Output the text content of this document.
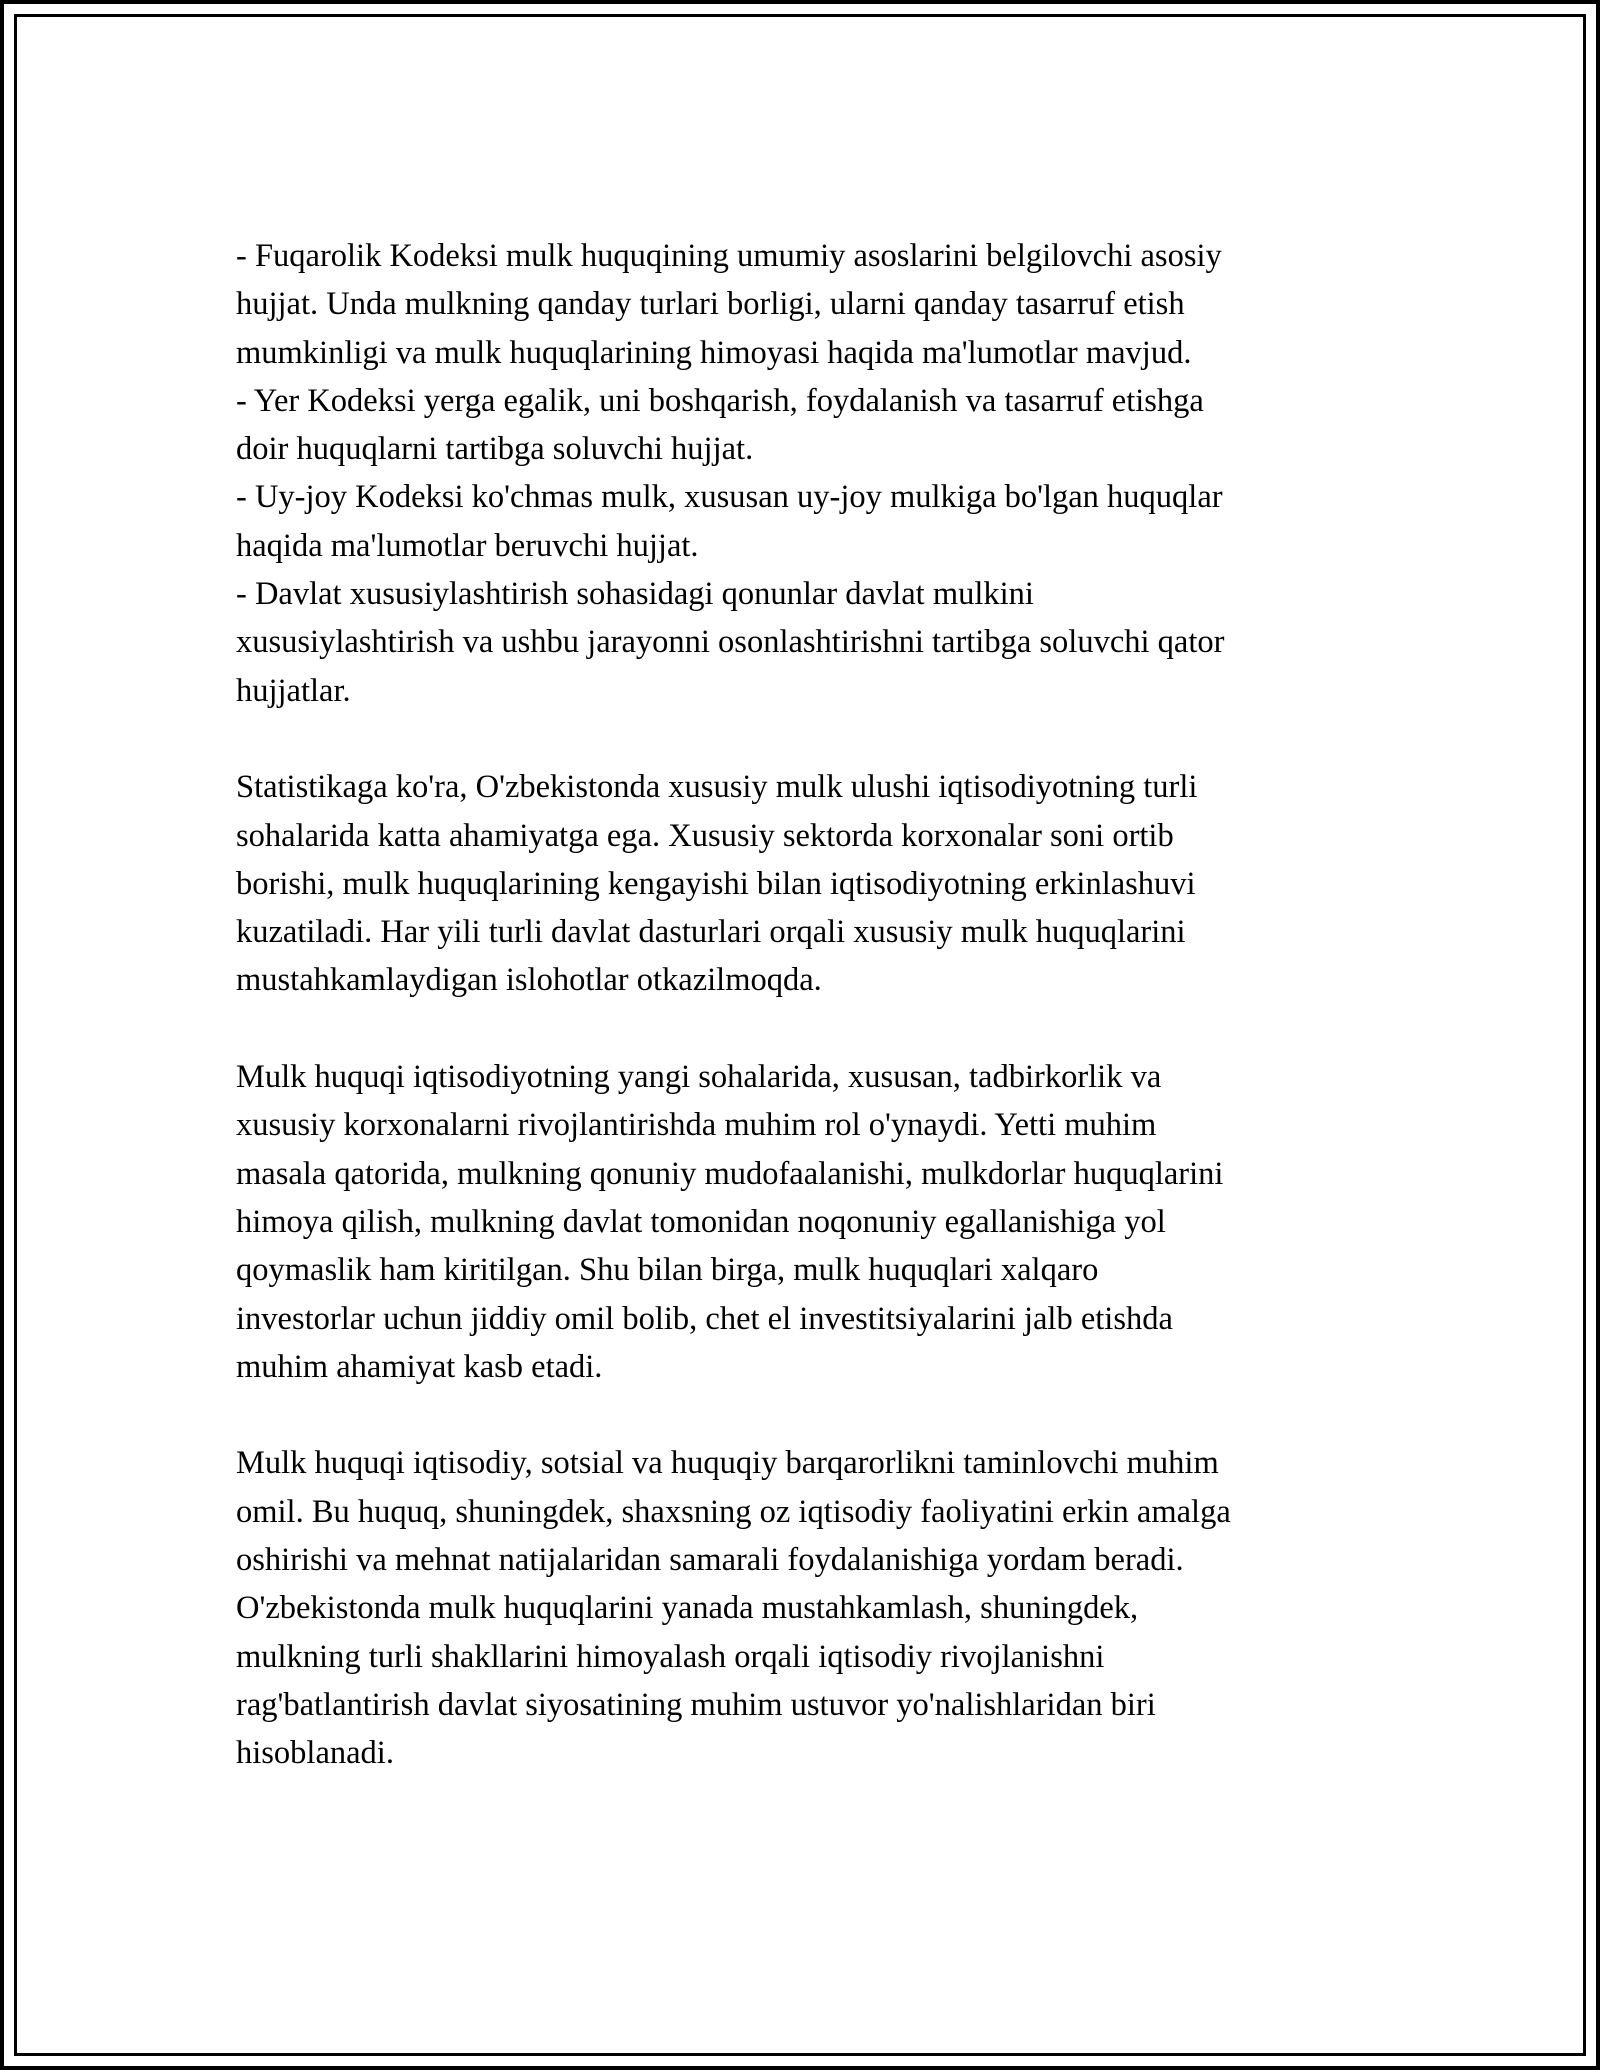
- Fuqarolik Kodeksi mulk huquqining umumiy asoslarini belgilovchi asosiy

hujjat. Unda mulkning qanday turlari borligi, ularni qanday tasarruf etish

mumkinligi va mulk huquqlarining himoyasi haqida ma'lumotlar mavjud.

- Yer Kodeksi yerga egalik, uni boshqarish, foydalanish va tasarruf etishga

doir huquqlarni tartibga soluvchi hujjat.

- Uy-joy Kodeksi ko'chmas mulk, xususan uy-joy mulkiga bo'lgan huquqlar

haqida ma'lumotlar beruvchi hujjat.

- Davlat xususiylashtirish sohasidagi qonunlar davlat mulkini

xususiylashtirish va ushbu jarayonni osonlashtirishni tartibga soluvchi qator

hujjatlar.

Statistikaga ko'ra, O'zbekistonda xususiy mulk ulushi iqtisodiyotning turli

sohalarida katta ahamiyatga ega. Xususiy sektorda korxonalar soni ortib

borishi, mulk huquqlarining kengayishi bilan iqtisodiyotning erkinlashuvi

kuzatiladi. Har yili turli davlat dasturlari orqali xususiy mulk huquqlarini

mustahkamlaydigan islohotlar otkazilmoqda.

Mulk huquqi iqtisodiyotning yangi sohalarida, xususan, tadbirkorlik va

xususiy korxonalarni rivojlantirishda muhim rol o'ynaydi. Yetti muhim

masala qatorida, mulkning qonuniy mudofaalanishi, mulkdorlar huquqlarini

himoya qilish, mulkning davlat tomonidan noqonuniy egallanishiga yol

qoymaslik ham kiritilgan. Shu bilan birga, mulk huquqlari xalqaro

investorlar uchun jiddiy omil bolib, chet el investitsiyalarini jalb etishda

muhim ahamiyat kasb etadi.

Mulk huquqi iqtisodiy, sotsial va huquqiy barqarorlikni taminlovchi muhim

omil. Bu huquq, shuningdek, shaxsning oz iqtisodiy faoliyatini erkin amalga

oshirishi va mehnat natijalaridan samarali foydalanishiga yordam beradi.

O'zbekistonda mulk huquqlarini yanada mustahkamlash, shuningdek,

mulkning turli shakllarini himoyalash orqali iqtisodiy rivojlanishni

rag'batlantirish davlat siyosatining muhim ustuvor yo'nalishlaridan biri

hisoblanadi.
